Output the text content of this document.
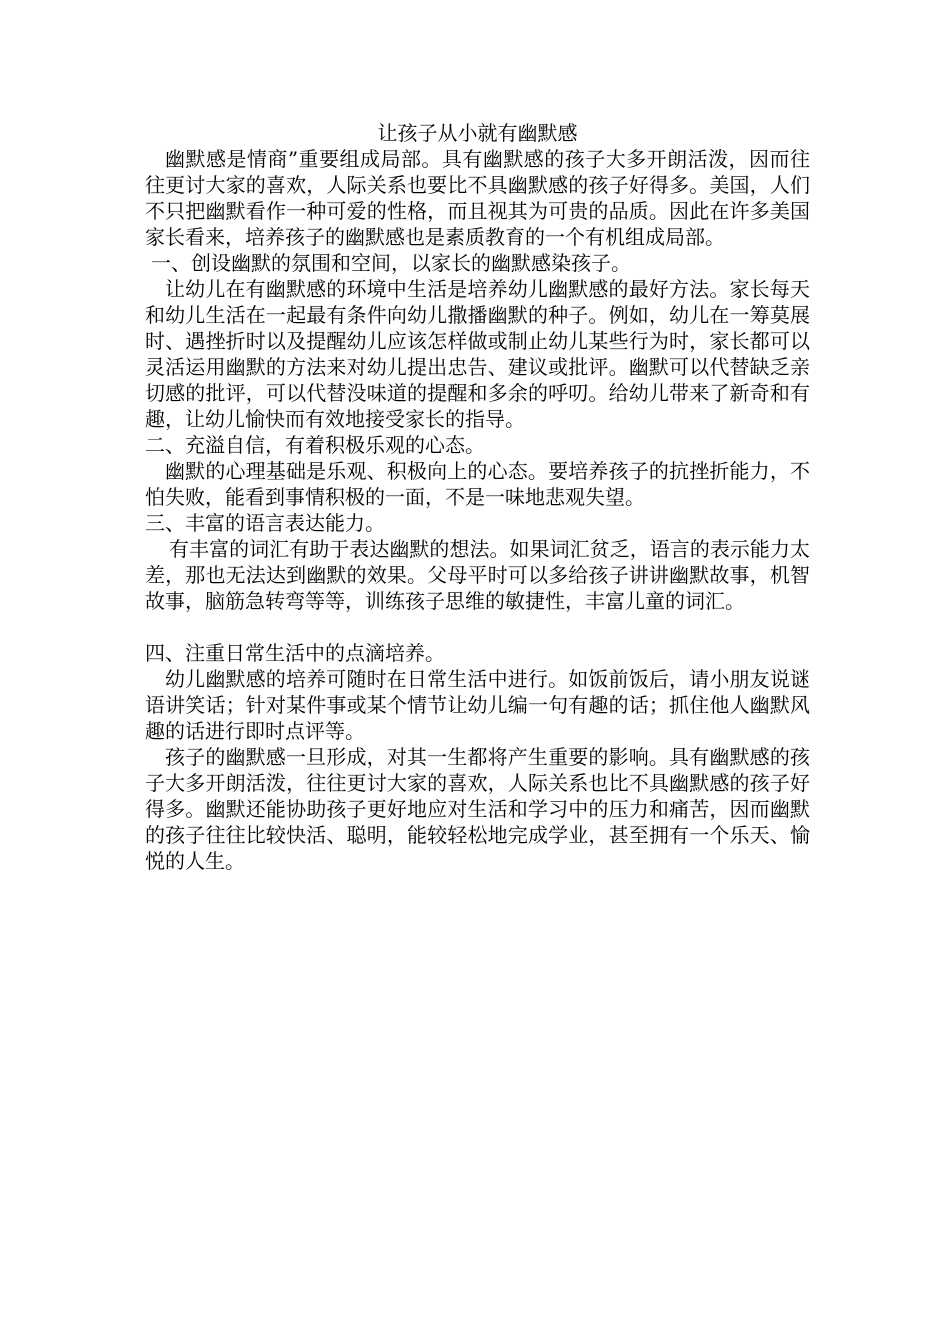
让孩子从小就有幽默感

幽默感是情商”重要组成局部。具有幽默感的孩子大多开朗活泼，因而往往更讨大家的喜欢，人际关系也要比不具幽默感的孩子好得多。美国，人们不只把幽默看作一种可爱的性格，而且视其为可贵的品质。因此在许多美国家长看来，培养孩子的幽默感也是素质教育的一个有机组成局部。

一、创设幽默的氛围和空间，以家长的幽默感染孩子。

让幼儿在有幽默感的环境中生活是培养幼儿幽默感的最好方法。家长每天和幼儿生活在一起最有条件向幼儿撒播幽默的种子。例如，幼儿在一筹莫展时、遇挫折时以及提醒幼儿应该怎样做或制止幼儿某些行为时，家长都可以灵活运用幽默的方法来对幼儿提出忠告、建议或批评。幽默可以代替缺乏亲切感的批评，可以代替没味道的提醒和多余的呼叨。给幼儿带来了新奇和有趣，让幼儿愉快而有效地接受家长的指导。

二、充溢自信，有着积极乐观的心态。

幽默的心理基础是乐观、积极向上的心态。要培养孩子的抗挫折能力，不怕失败，能看到事情积极的一面，不是一味地悲观失望。

三、丰富的语言表达能力。

有丰富的词汇有助于表达幽默的想法。如果词汇贫乏，语言的表示能力太差，那也无法达到幽默的效果。父母平时可以多给孩子讲讲幽默故事，机智故事，脑筋急转弯等等，训练孩子思维的敏捷性，丰富儿童的词汇。

四、注重日常生活中的点滴培养。

幼儿幽默感的培养可随时在日常生活中进行。如饭前饭后，请小朋友说谜语讲笑话；针对某件事或某个情节让幼儿编一句有趣的话；抓住他人幽默风趣的话进行即时点评等。

孩子的幽默感一旦形成，对其一生都将产生重要的影响。具有幽默感的孩子大多开朗活泼，往往更讨大家的喜欢，人际关系也比不具幽默感的孩子好得多。幽默还能协助孩子更好地应对生活和学习中的压力和痛苦，因而幽默的孩子往往比较快活、聪明，能较轻松地完成学业，甚至拥有一个乐天、愉悦的人生。
